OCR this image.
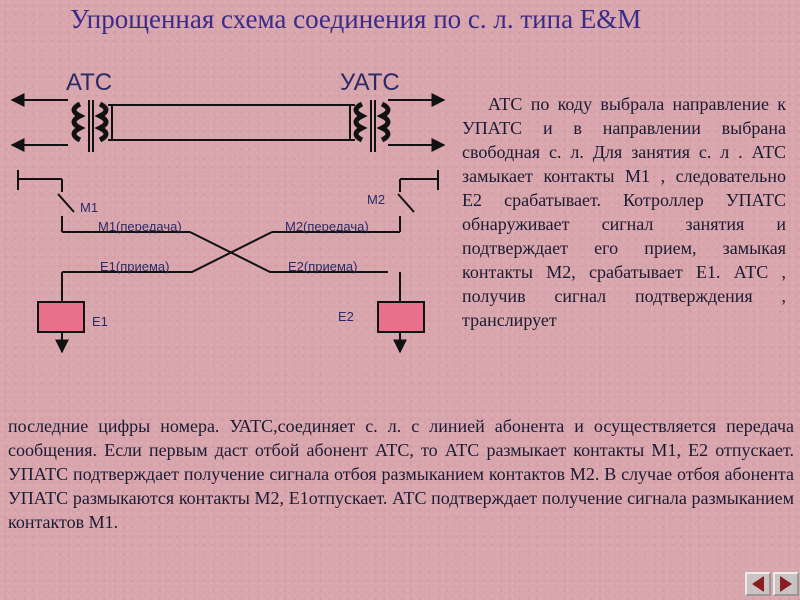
Упрощенная схема соединения по с. л. типа E&M
АТС	УАТС
M1
M2
M1(передача)	M2(передача)
E1(приема)	E2(приема)
E1	E2
АТС по коду выбрала направление к УПАТС и в направлении выбрана свободная с. л. Для занятия с. л . АТС замыкает контакты М1 , следовательно Е2 срабатывает. Котроллер УПАТС обнаруживает сигнал занятия и подтверждает его прием, замыкая контакты М2, срабатывает Е1. АТС , получив сигнал подтверждения , транслирует
последние цифры номера. УАТС,соединяет с. л. с линией абонента и осуществляется передача сообщения. Если первым даст отбой абонент АТС, то АТС размыкает контакты М1, Е2 отпускает. УПАТС подтверждает получение сигнала отбоя размыканием контактов М2. В случае отбоя абонента УПАТС размыкаются контакты М2, Е1отпускает. АТС подтверждает получение сигнала размыканием контактов М1.
